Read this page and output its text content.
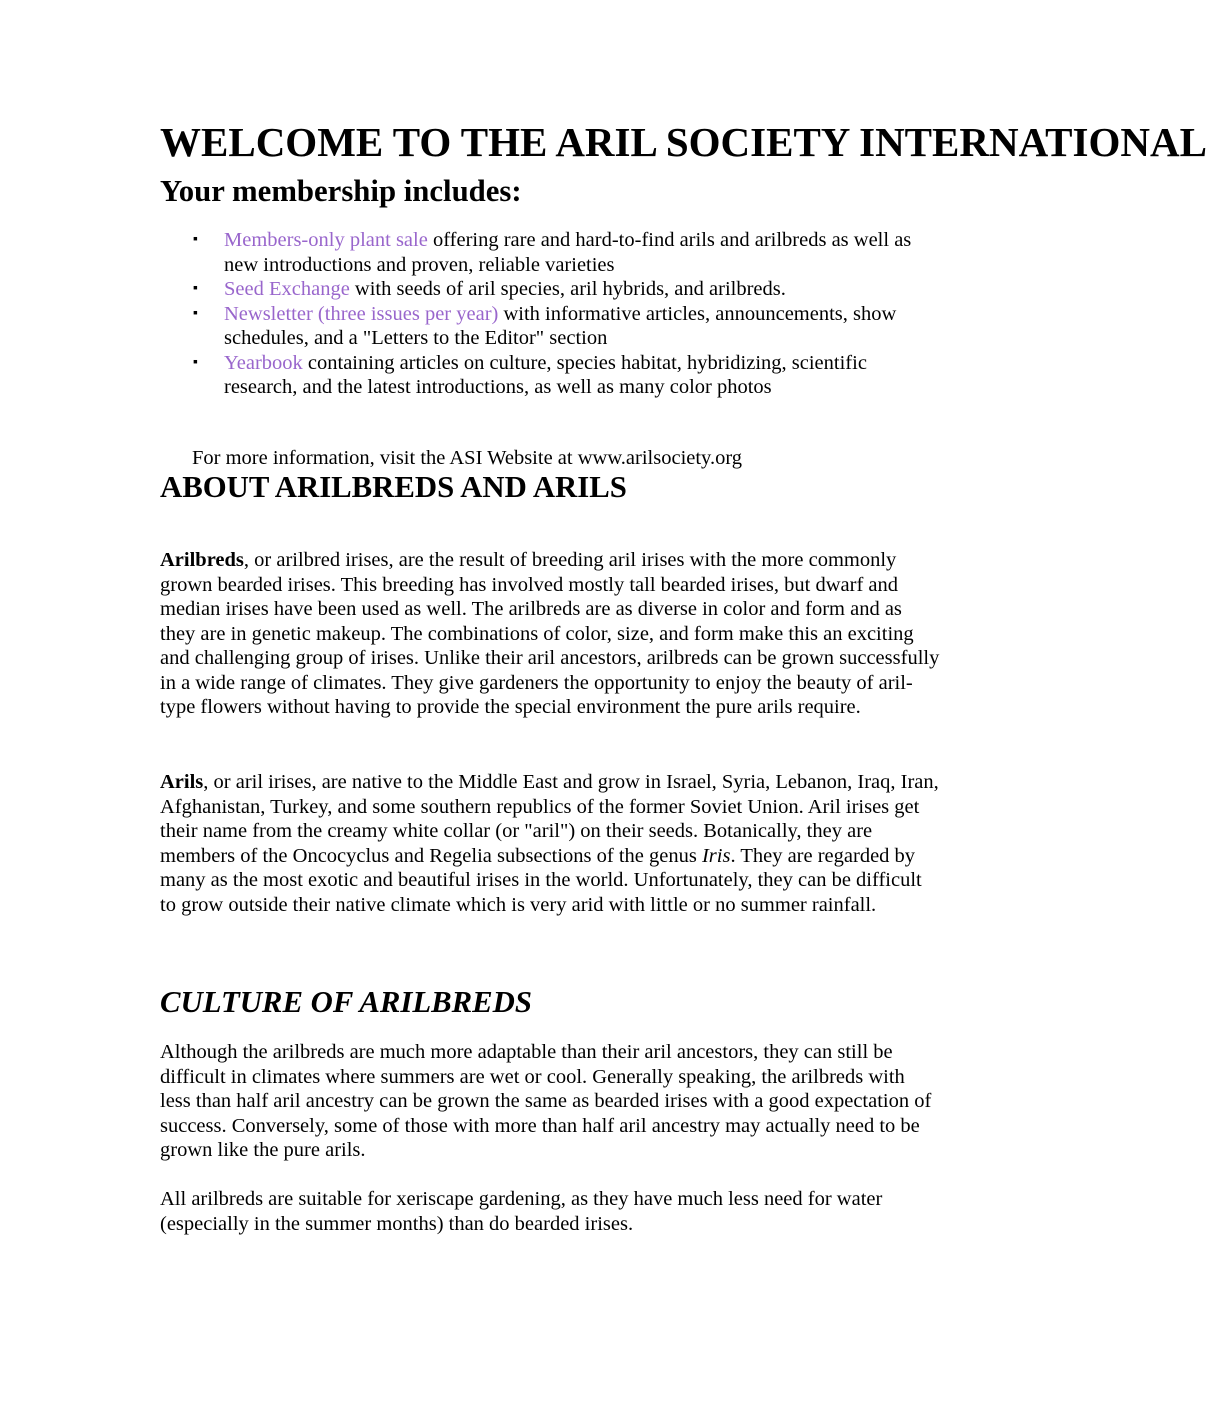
WELCOME TO THE ARIL SOCIETY INTERNATIONAL
Your membership includes:
▪ Members-only plant sale offering rare and hard-to-find arils and arilbreds as well as new introductions and proven, reliable varieties
▪ Seed Exchange with seeds of aril species, aril hybrids, and arilbreds.
▪ Newsletter (three issues per year) with informative articles, announcements, show schedules, and a "Letters to the Editor" section
▪ Yearbook containing articles on culture, species habitat, hybridizing, scientific research, and the latest introductions, as well as many color photos

For more information, visit the ASI Website at www.arilsociety.org

ABOUT ARILBREDS AND ARILS

Arilbreds, or arilbred irises, are the result of breeding aril irises with the more commonly grown bearded irises. This breeding has involved mostly tall bearded irises, but dwarf and median irises have been used as well. The arilbreds are as diverse in color and form and as they are in genetic makeup. The combinations of color, size, and form make this an exciting and challenging group of irises. Unlike their aril ancestors, arilbreds can be grown successfully in a wide range of climates. They give gardeners the opportunity to enjoy the beauty of aril-type flowers without having to provide the special environment the pure arils require.

Arils, or aril irises, are native to the Middle East and grow in Israel, Syria, Lebanon, Iraq, Iran, Afghanistan, Turkey, and some southern republics of the former Soviet Union. Aril irises get their name from the creamy white collar (or "aril") on their seeds. Botanically, they are members of the Oncocyclus and Regelia subsections of the genus Iris. They are regarded by many as the most exotic and beautiful irises in the world. Unfortunately, they can be difficult to grow outside their native climate which is very arid with little or no summer rainfall.

CULTURE OF ARILBREDS

Although the arilbreds are much more adaptable than their aril ancestors, they can still be difficult in climates where summers are wet or cool. Generally speaking, the arilbreds with less than half aril ancestry can be grown the same as bearded irises with a good expectation of success. Conversely, some of those with more than half aril ancestry may actually need to be grown like the pure arils.

All arilbreds are suitable for xeriscape gardening, as they have much less need for water (especially in the summer months) than do bearded irises.
